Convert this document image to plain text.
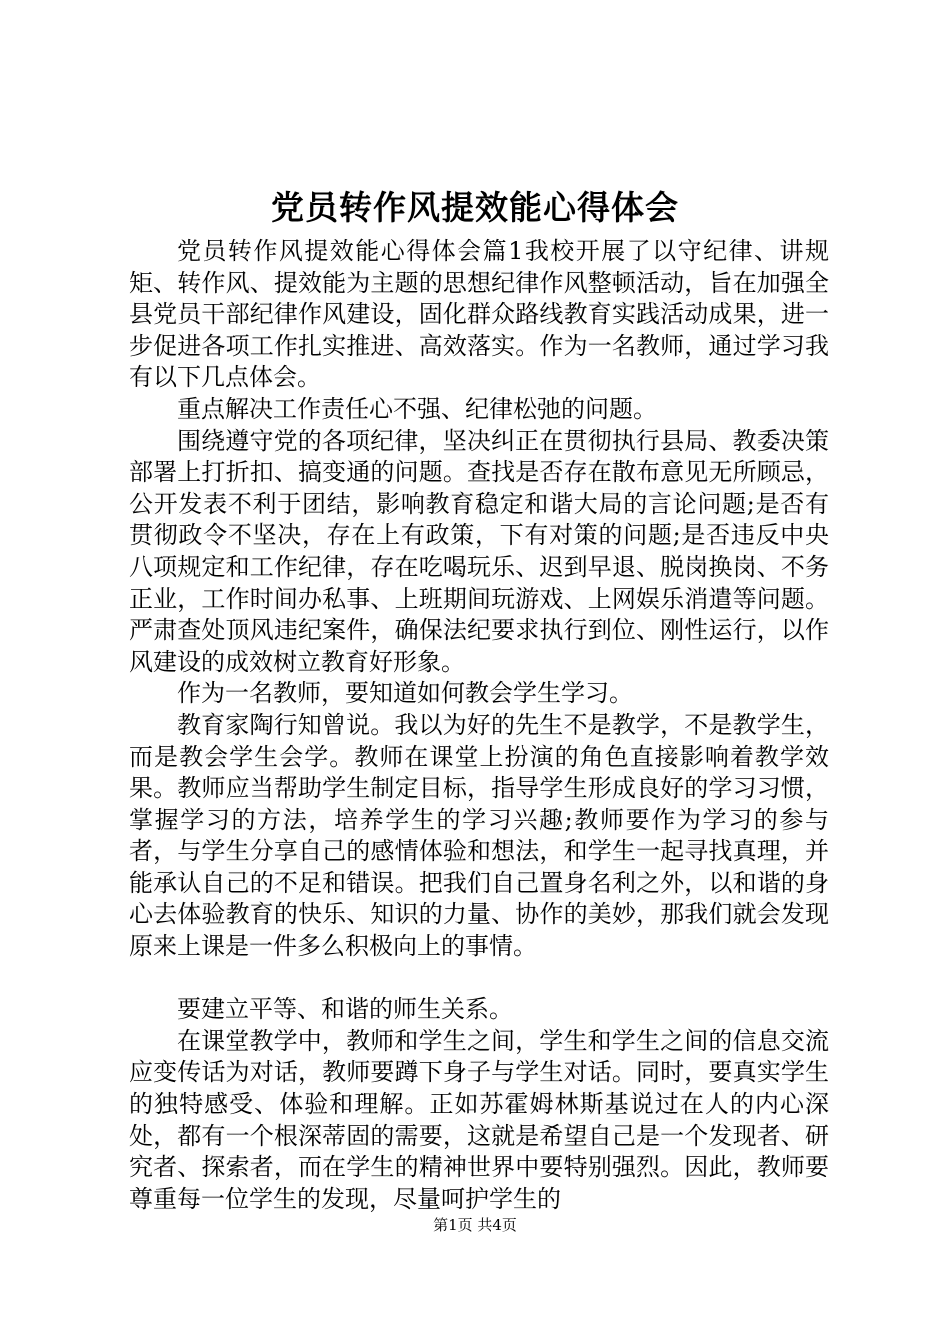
党员转作风提效能心得体会

党员转作风提效能心得体会篇1我校开展了以守纪律、讲规矩、转作风、提效能为主题的思想纪律作风整顿活动，旨在加强全县党员干部纪律作风建设，固化群众路线教育实践活动成果，进一步促进各项工作扎实推进、高效落实。作为一名教师，通过学习我有以下几点体会。

重点解决工作责任心不强、纪律松弛的问题。

围绕遵守党的各项纪律，坚决纠正在贯彻执行县局、教委决策部署上打折扣、搞变通的问题。查找是否存在散布意见无所顾忌，公开发表不利于团结，影响教育稳定和谐大局的言论问题;是否有贯彻政令不坚决，存在上有政策，下有对策的问题;是否违反中央八项规定和工作纪律，存在吃喝玩乐、迟到早退、脱岗换岗、不务正业，工作时间办私事、上班期间玩游戏、上网娱乐消遣等问题。严肃查处顶风违纪案件，确保法纪要求执行到位、刚性运行，以作风建设的成效树立教育好形象。

作为一名教师，要知道如何教会学生学习。

教育家陶行知曾说。我以为好的先生不是教学，不是教学生，而是教会学生会学。教师在课堂上扮演的角色直接影响着教学效果。教师应当帮助学生制定目标，指导学生形成良好的学习习惯，掌握学习的方法，培养学生的学习兴趣;教师要作为学习的参与者，与学生分享自己的感情体验和想法，和学生一起寻找真理，并能承认自己的不足和错误。把我们自己置身名利之外，以和谐的身心去体验教育的快乐、知识的力量、协作的美妙，那我们就会发现原来上课是一件多么积极向上的事情。

要建立平等、和谐的师生关系。

在课堂教学中，教师和学生之间，学生和学生之间的信息交流应变传话为对话，教师要蹲下身子与学生对话。同时，要真实学生的独特感受、体验和理解。正如苏霍姆林斯基说过在人的内心深处，都有一个根深蒂固的需要，这就是希望自己是一个发现者、研究者、探索者，而在学生的精神世界中要特别强烈。因此，教师要尊重每一位学生的发现，尽量呵护学生的

第1页 共4页
